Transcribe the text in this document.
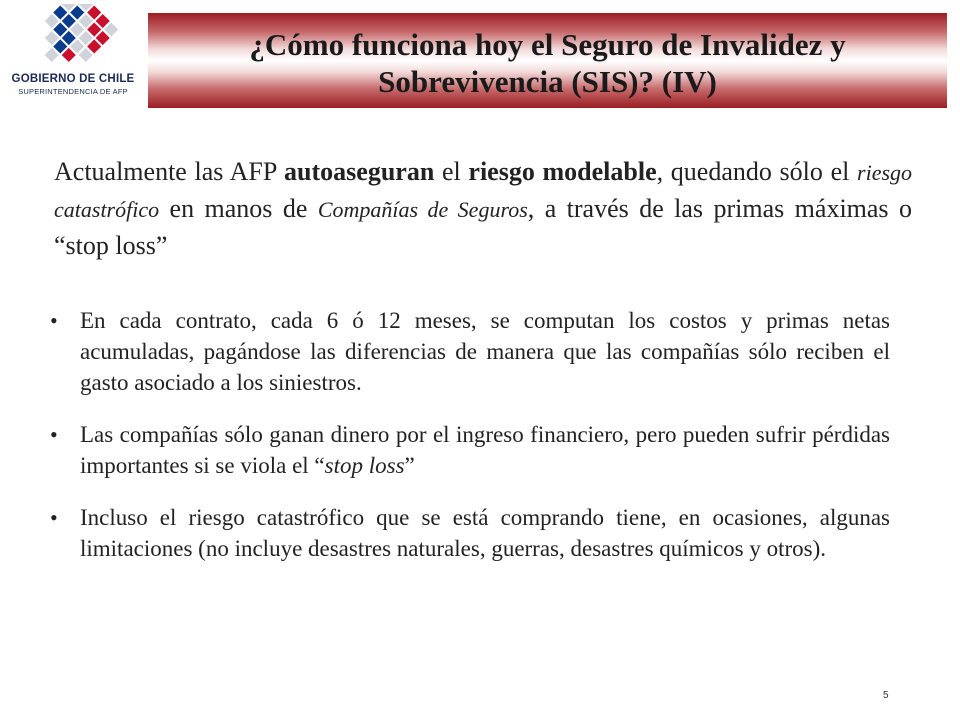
GOBIERNO DE CHILE
SUPERINTENDENCIA DE AFP
¿Cómo funciona hoy el Seguro de Invalidez y
Sobrevivencia (SIS)? (IV)
Actualmente las AFP autoaseguran el riesgo modelable, quedando sólo el riesgo catastrófico en manos de Compañías de Seguros, a través de las primas máximas o “stop loss”
• En cada contrato, cada 6 ó 12 meses, se computan los costos y primas netas acumuladas, pagándose las diferencias de manera que las compañías sólo reciben el gasto asociado a los siniestros.
• Las compañías sólo ganan dinero por el ingreso financiero, pero pueden sufrir pérdidas importantes si se viola el “stop loss”
• Incluso el riesgo catastrófico que se está comprando tiene, en ocasiones, algunas limitaciones (no incluye desastres naturales, guerras, desastres químicos y otros).
5
